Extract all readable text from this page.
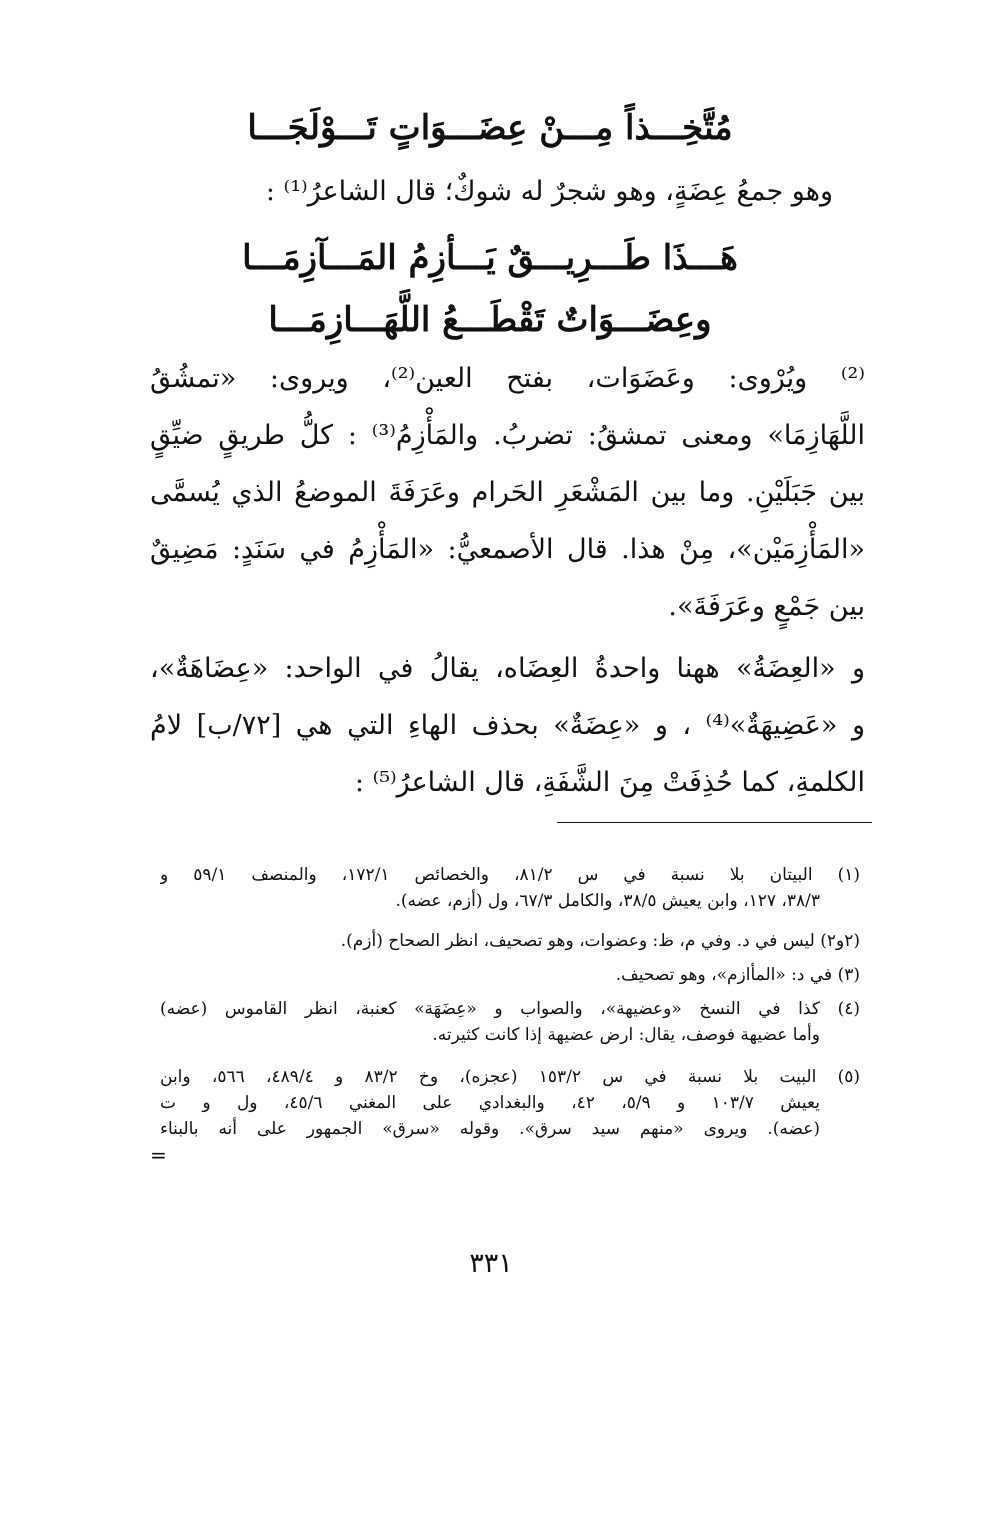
مُتَّخِـــذاً مِـــنْ عِضَـــوَاتٍ تَـــوْلَجَـــا
وهو جمعُ عِضَةٍ، وهو شجرٌ له شوكٌ؛ قال الشاعرُ⁽¹⁾ :
هَـــذَا طَـــرِيـــقٌ يَـــأزِمُ المَـــآزِمَـــا
وعِضَـــوَاتٌ تَقْطَـــعُ اللَّهَـــازِمَـــا
⁽²⁾ ويُرْوى: وعَضَوَات، بفتح العين⁽²⁾، ويروى: «تمشُقُ
اللَّهَازِمَا» ومعنى تمشقُ: تضربُ. والمَأْزِمُ⁽³⁾ : كلُّ طريقٍ ضيِّقٍ
بين جَبَلَيْنِ. وما بين المَشْعَرِ الحَرام وعَرَفَةَ الموضعُ الذي يُسمَّى
«المَأْزِمَيْن»، مِنْ هذا. قال الأصمعيُّ: «المَأْزِمُ في سَنَدٍ: مَضِيقٌ
بين جَمْعٍ وعَرَفَةَ».
و «العِضَةُ» ههنا واحدةُ العِضَاه، يقالُ في الواحد: «عِضَاهَةٌ»،
و «عَضِيهَةٌ»⁽⁴⁾ ، و «عِضَةٌ» بحذف الهاءِ التي هي [٧٢/ب] لامُ
الكلمةِ، كما حُذِفَتْ مِنَ الشَّفَةِ، قال الشاعرُ⁽⁵⁾ :
(١) البيتان بلا نسبة في س ٨١/٢، والخصائص ١٧٢/١، والمنصف ٥٩/١ و
٣٨/٣، ١٢٧، وابن يعيش ٣٨/٥، والكامل ٦٧/٣، ول (أزم، عضه).
(٢و٢) ليس في د. وفي م، ظ: وعضوات، وهو تصحيف، انظر الصحاح (أزم).
(٣) في د: «المأازم»، وهو تصحيف.
(٤) كذا في النسخ «وعضيهة»، والصواب و «عِضَهَة» كعنبة، انظر القاموس (عضه)
وأما عضيهة فوصف، يقال: ارض عضيهة إذا كانت كثيرته.
(٥) البيت بلا نسبة في س ١٥٣/٢ (عجزه)، وخ ٨٣/٢ و ٤٨٩/٤، ٥٦٦، وابن
يعيش ١٠٣/٧ و ٥/٩، ٤٢، والبغدادي على المغني ٤٥/٦، ول و ت
(عضه). ويروى «منهم سيد سرق». وقوله «سرق» الجمهور على أنه بالبناء
=
٣٣١
